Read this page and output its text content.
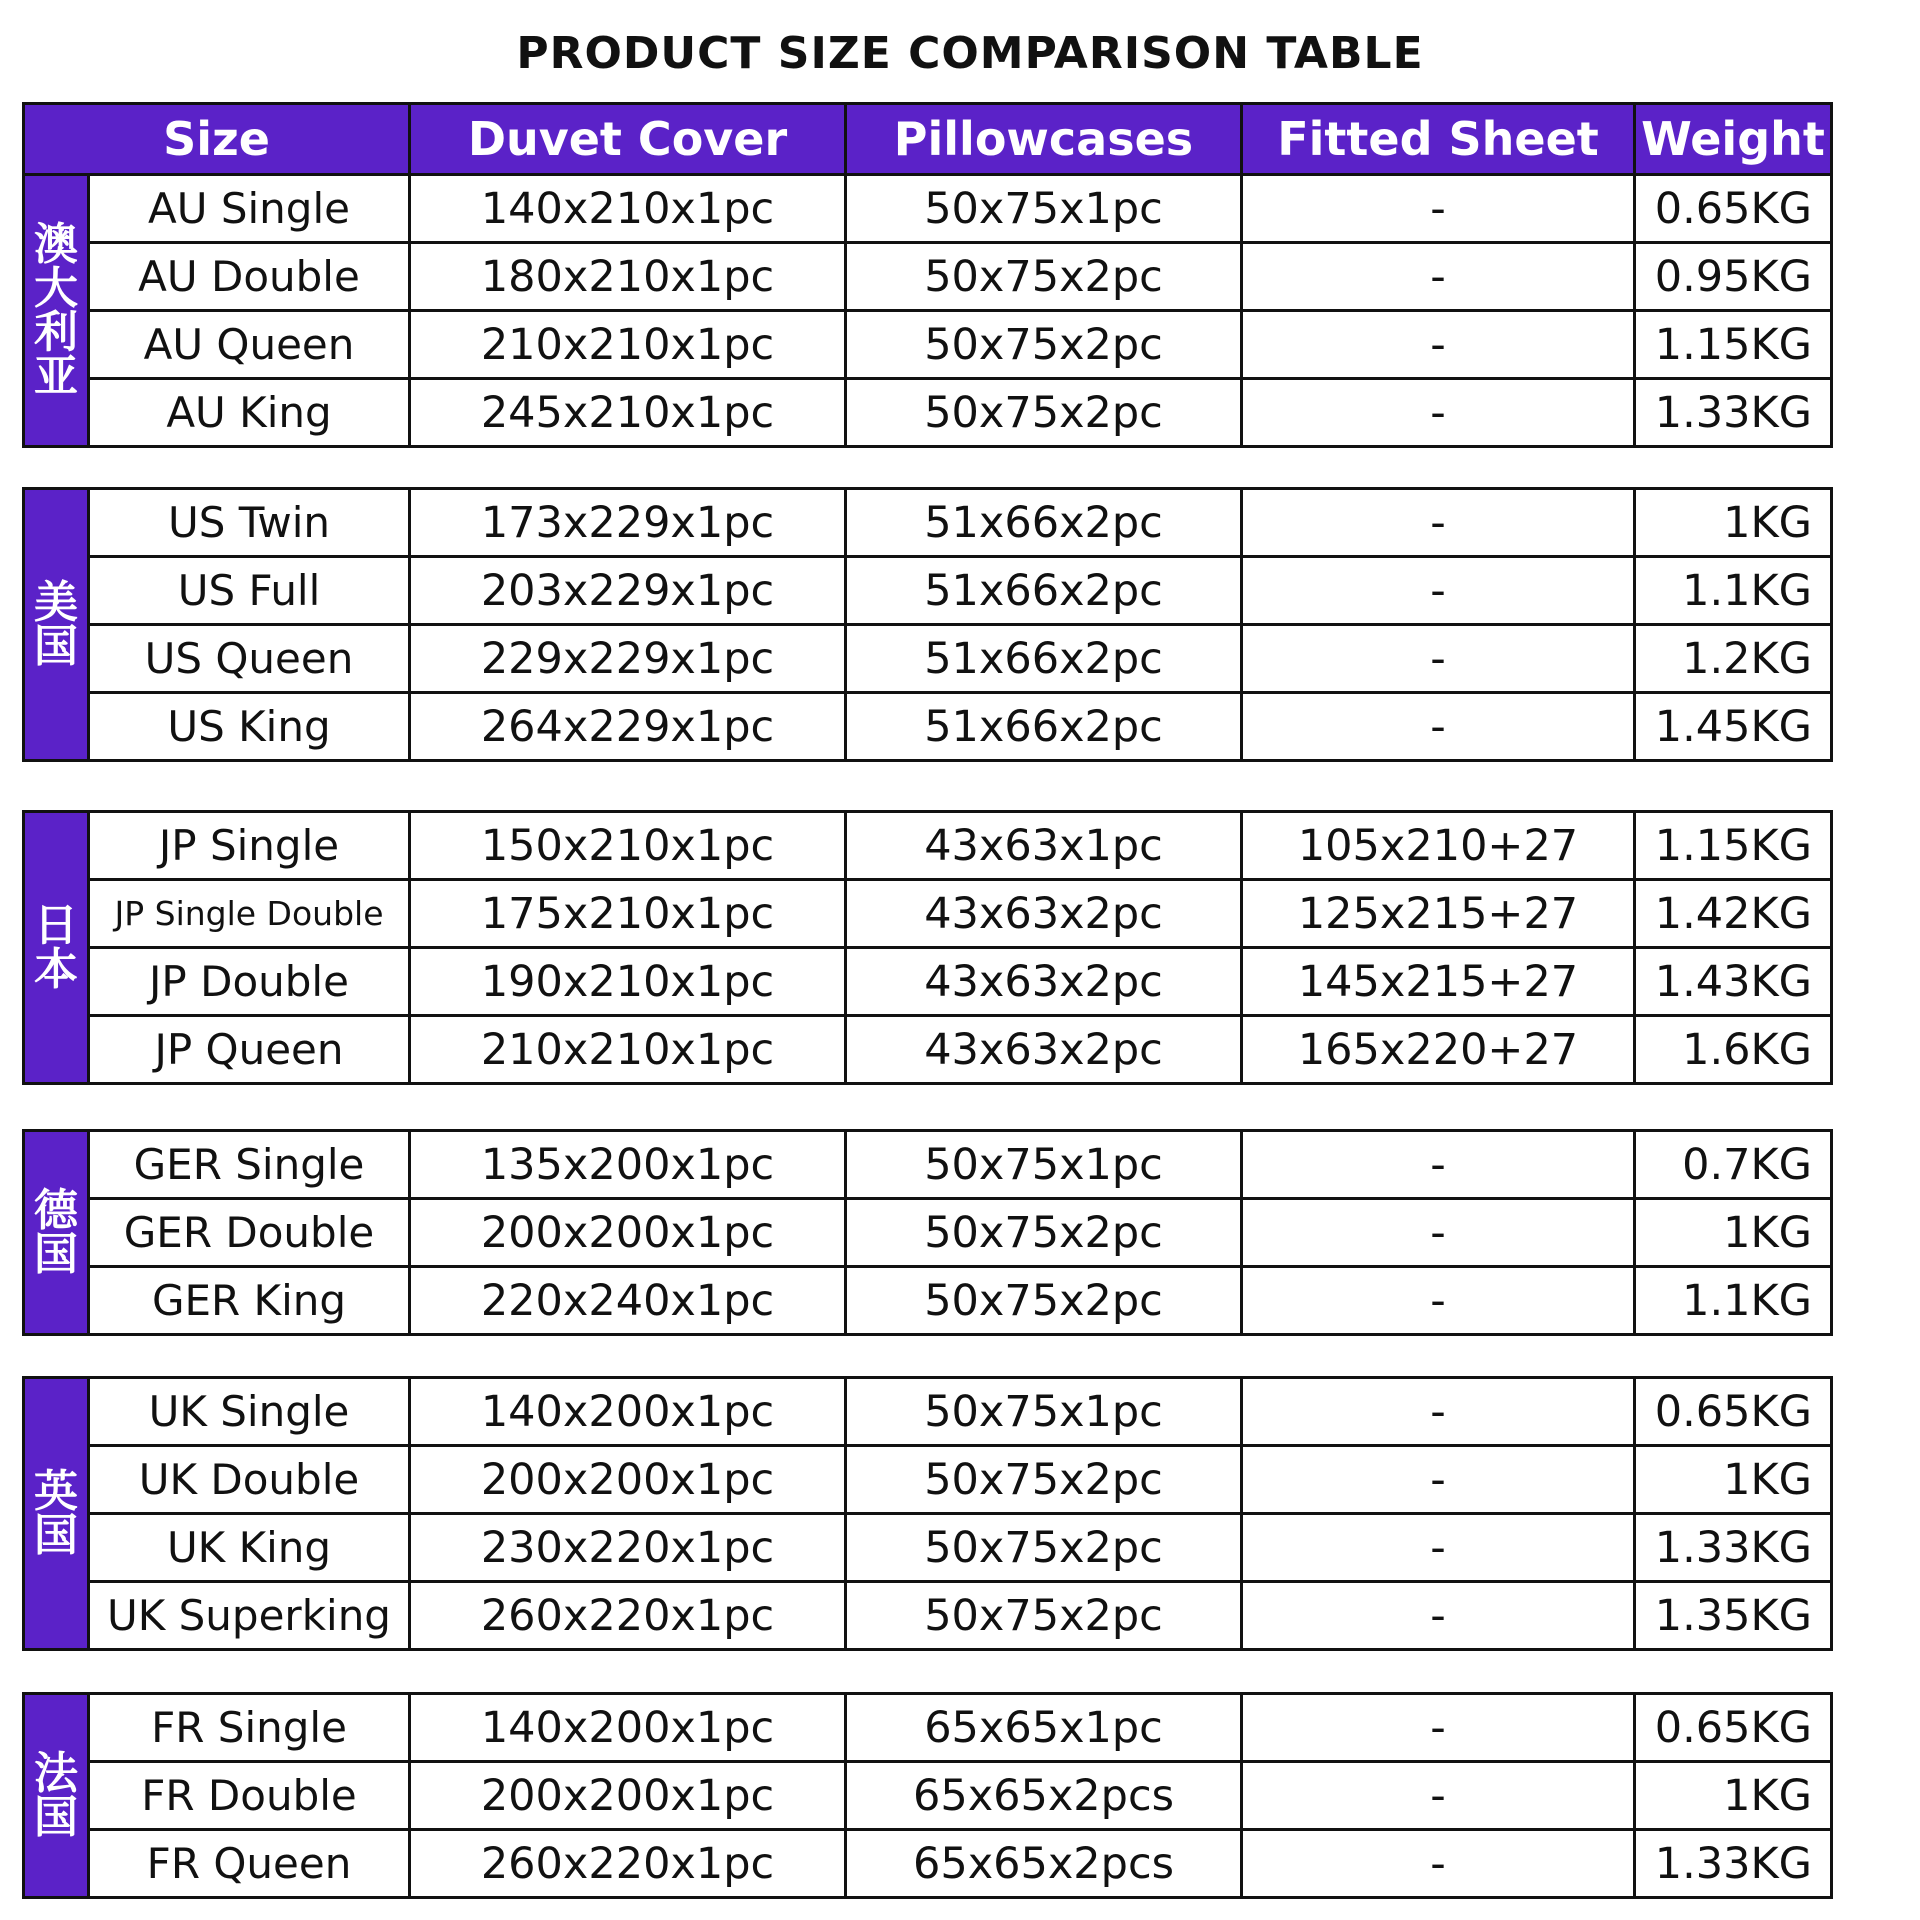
PRODUCT SIZE COMPARISON TABLE
Size		Duvet Cover	Pillowcases	Fitted Sheet	Weight
澳
大
利
亚	AU Single	140x210x1pc	50x75x1pc	-	0.65KG
	AU Double	180x210x1pc	50x75x2pc	-	0.95KG
	AU Queen	210x210x1pc	50x75x2pc	-	1.15KG
	AU King	245x210x1pc	50x75x2pc	-	1.33KG
美
国	US Twin	173x229x1pc	51x66x2pc	-	1KG
	US Full	203x229x1pc	51x66x2pc	-	1.1KG
	US Queen	229x229x1pc	51x66x2pc	-	1.2KG
	US King	264x229x1pc	51x66x2pc	-	1.45KG
日
本	JP Single	150x210x1pc	43x63x1pc	105x210+27	1.15KG
	JP Single Double	175x210x1pc	43x63x2pc	125x215+27	1.42KG
	JP Double	190x210x1pc	43x63x2pc	145x215+27	1.43KG
	JP Queen	210x210x1pc	43x63x2pc	165x220+27	1.6KG
德
国	GER Single	135x200x1pc	50x75x1pc	-	0.7KG
	GER Double	200x200x1pc	50x75x2pc	-	1KG
	GER King	220x240x1pc	50x75x2pc	-	1.1KG
英
国	UK Single	140x200x1pc	50x75x1pc	-	0.65KG
	UK Double	200x200x1pc	50x75x2pc	-	1KG
	UK King	230x220x1pc	50x75x2pc	-	1.33KG
	UK Superking	260x220x1pc	50x75x2pc	-	1.35KG
法
国	FR Single	140x200x1pc	65x65x1pc	-	0.65KG
	FR Double	200x200x1pc	65x65x2pcs	-	1KG
	FR Queen	260x220x1pc	65x65x2pcs	-	1.33KG
